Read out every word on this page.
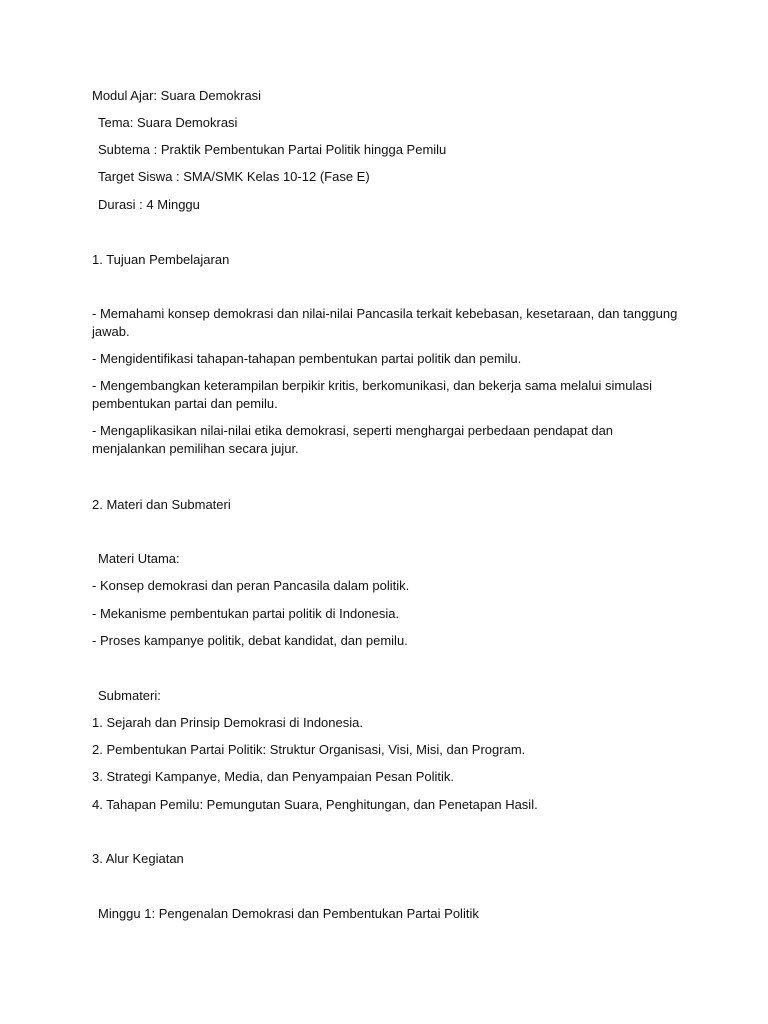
Modul Ajar: Suara Demokrasi
Tema: Suara Demokrasi
Subtema : Praktik Pembentukan Partai Politik hingga Pemilu
Target Siswa : SMA/SMK Kelas 10-12 (Fase E)
Durasi : 4 Minggu
1. Tujuan Pembelajaran
- Memahami konsep demokrasi dan nilai-nilai Pancasila terkait kebebasan, kesetaraan, dan tanggung jawab.
- Mengidentifikasi tahapan-tahapan pembentukan partai politik dan pemilu.
- Mengembangkan keterampilan berpikir kritis, berkomunikasi, dan bekerja sama melalui simulasi pembentukan partai dan pemilu.
- Mengaplikasikan nilai-nilai etika demokrasi, seperti menghargai perbedaan pendapat dan menjalankan pemilihan secara jujur.
2. Materi dan Submateri
Materi Utama:
- Konsep demokrasi dan peran Pancasila dalam politik.
- Mekanisme pembentukan partai politik di Indonesia.
- Proses kampanye politik, debat kandidat, dan pemilu.
Submateri:
1. Sejarah dan Prinsip Demokrasi di Indonesia.
2. Pembentukan Partai Politik: Struktur Organisasi, Visi, Misi, dan Program.
3. Strategi Kampanye, Media, dan Penyampaian Pesan Politik.
4. Tahapan Pemilu: Pemungutan Suara, Penghitungan, dan Penetapan Hasil.
3. Alur Kegiatan
Minggu 1: Pengenalan Demokrasi dan Pembentukan Partai Politik
